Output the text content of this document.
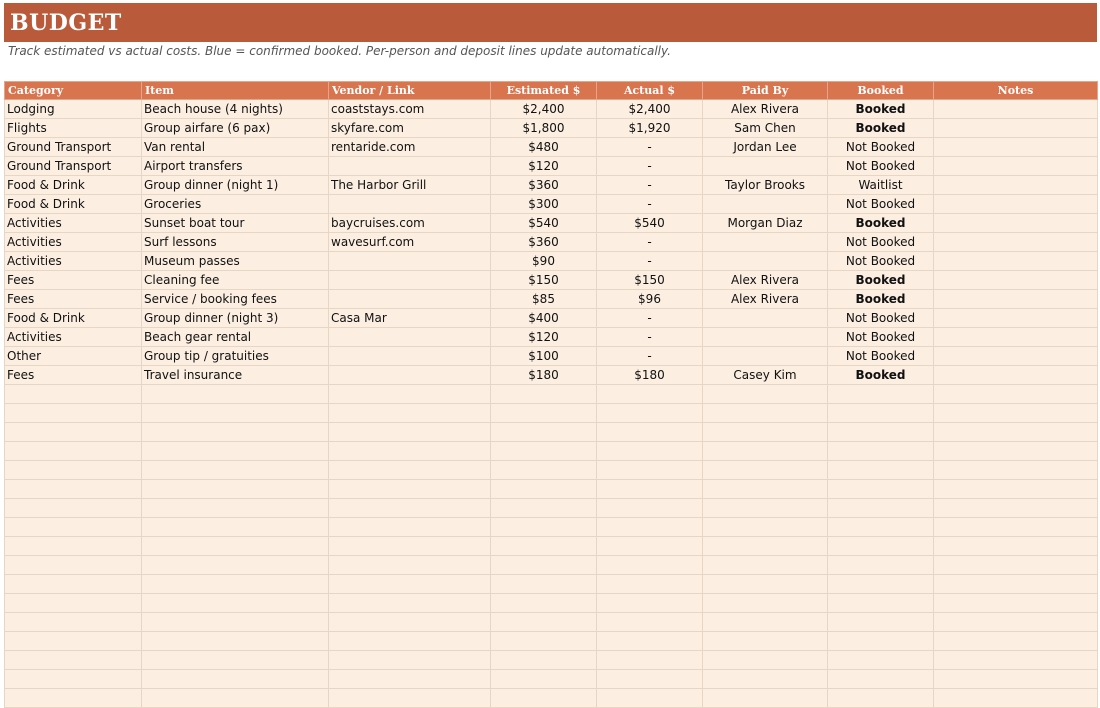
BUDGET
Track estimated vs actual costs. Blue = confirmed booked. Per-person and deposit lines update automatically.
Category	Item	Vendor / Link	Estimated $	Actual $	Paid By	Booked	Notes
Lodging	Beach house (4 nights)	coaststays.com	$2,400	$2,400	Alex Rivera	Booked	
Flights	Group airfare (6 pax)	skyfare.com	$1,800	$1,920	Sam Chen	Booked	
Ground Transport	Van rental	rentaride.com	$480	-	Jordan Lee	Not Booked	
Ground Transport	Airport transfers		$120	-		Not Booked	
Food & Drink	Group dinner (night 1)	The Harbor Grill	$360	-	Taylor Brooks	Waitlist	
Food & Drink	Groceries		$300	-		Not Booked	
Activities	Sunset boat tour	baycruises.com	$540	$540	Morgan Diaz	Booked	
Activities	Surf lessons	wavesurf.com	$360	-		Not Booked	
Activities	Museum passes		$90	-		Not Booked	
Fees	Cleaning fee		$150	$150	Alex Rivera	Booked	
Fees	Service / booking fees		$85	$96	Alex Rivera	Booked	
Food & Drink	Group dinner (night 3)	Casa Mar	$400	-		Not Booked	
Activities	Beach gear rental		$120	-		Not Booked	
Other	Group tip / gratuities		$100	-		Not Booked	
Fees	Travel insurance		$180	$180	Casey Kim	Booked	
